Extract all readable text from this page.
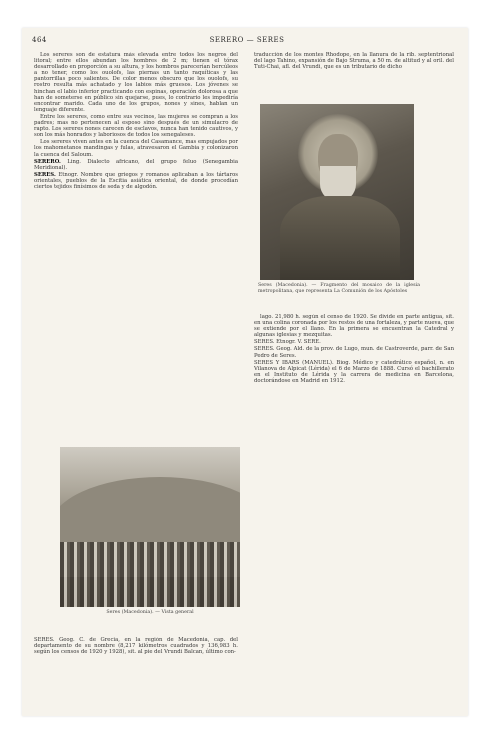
464	SERERO — SERES

Los sereres son de estatura más elevada entre todos los negros del litoral; entre ellos abundan los hombres de 2 m; tienen el tórax desarrollado en proporción a su altura, y los hombros parecerían hercúleos a no tener, como los ouolofs, las piernas un tanto raquíticas y las pantorrillas poco salientes. De color menos obscuro que los ouolofs, su rostro resulta más achatado y los labios más gruesos. Los jóvenes se hinchan el labio inferior practicando con espinas, operación dolorosa a que han de someterse en público sin quejarse, pues, lo contrario les impediría encontrar marido. Cada uno de los grupos, nones y sines, hablan un lenguaje diferente.

Entre los sereres, como entre sus vecinos, las mujeres se compran a los padres; mas no pertenecen al esposo sino después de un simulacro de rapto. Los sereres nones carecen de esclavos, nunca han tenido cautivos, y son los más honrados y laboriosos de todos los senegaleses.

Los sereres viven antes en la cuenca del Casamance, mas empujados por los mahometanos mandingas y fulas, atravesaron el Gambia y colonizaron la cuenca del Saloum.

SERERO. Ling. Dialecto africano, del grupo feluo (Senegambia Meridional).

SERES. Etnogr. Nombre que griegos y romanos aplicaban a los tártaros orientales, pueblos de la Escitia asiática oriental, de donde procedían ciertos tejidos finísimos de seda y de algodón.

traducción de los montes Rhodope, en la llanura de la rib. septentrional del lago Tahino, expansión de Bajo Struma, a 50 m. de altitud y al oril. del Tuti-Chai, afl. del Vrundi, que es un tributario de dicho

Seres (Macedonia). — Fragmento del mosaico de la iglesia metropolitana, que representa La Comunión de los Apóstoles

lago. 21,980 h. según el censo de 1920. Se divide en parte antigua, sit. en una colina coronada por los restos de una fortaleza, y parte nueva, que se extiende por el llano. En la primera se encuentran la Catedral y algunas iglesias y mezquitas.

SERES. Etnogr. V. SERE.

SERES. Geog. Ald. de la prov. de Lugo, mun. de Castroverde, parr. de San Pedro de Seres.

SERES Y IBARS (MANUEL). Biog. Médico y catedrático español, n. en Vilanova de Alpicat (Lérida) el 6 de Marzo de 1888. Cursó el bachillerato en el Instituto de Lérida y la carrera de medicina en Barcelona, doctorándose en Madrid en 1912.

Seres (Macedonia). — Vista general

SERES. Geog. C. de Grecia, en la región de Macedonia, cap. del departamento de su nombre (8,217 kilómetros cuadrados y 136,983 h. según los censos de 1920 y 1928), sit. al pie del Vrundi Balcan, último con-
